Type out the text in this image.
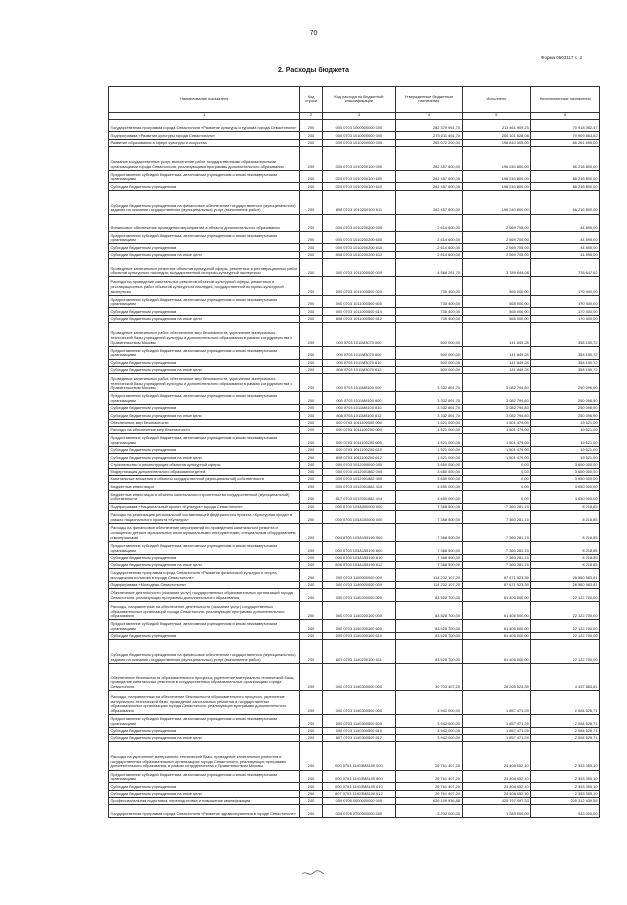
70
Форма 0503117 с. 2
2. Расходы бюджета
Наименование показателя	Код строки	Код расхода по бюджетной классификации	Утвержденные бюджетные назначения	Исполнено	Неисполненные назначения
1	2	3	4	5	6
Государственная программа города Севастополя «Развитие культуры и туризма города Севастополя»	200	000 0703 1000000000 000	282 379 991,70	211 461 909,23	70 918 082,47
Подпрограмма «Развитие культуры города Севастополя»	200	000 0703 1010000000 000	275 011 491,70	204 101 628,08	70 909 863,62
Развитие образования в сфере культуры и искусства	200	000 0703 1010200000 000	265 072 200,00	198 810 505,00	66 261 695,00
Оказание государственных услуг, выполнение работ государственными образовательными организациями города Севастополя, реализующими программы дополнительного образования	200	000 0703 1010200100 000	262 457 600,00	196 240 800,00	66 216 800,00
Предоставление субсидий бюджетным, автономным учреждениям и иным некоммерческим организациям	200	000 0703 1010200100 600	262 457 600,00	196 240 800,00	66 216 800,00
Субсидии бюджетным учреждениям	200	000 0703 1010200100 610	262 457 600,00	196 240 800,00	66 216 800,00
Субсидии бюджетным учреждениям на финансовое обеспечение государственного (муниципального) задания на оказание государственных (муниципальных) услуг (выполнение работ)	200	808 0703 1010200100 611	262 457 600,00	196 240 800,00	66 216 800,00
Финансовое обеспечение проведения мероприятий в области дополнительного образования	200	000 0703 1010200200 000	2 614 600,00	2 569 705,00	44 895,00
Предоставление субсидий бюджетным, автономным учреждениям и иным некоммерческим организациям	200	000 0703 1010200200 600	2 614 600,00	2 569 705,00	44 895,00
Субсидии бюджетным учреждениям	200	000 0703 1010200200 610	2 614 600,00	2 569 705,00	44 895,00
Субсидии бюджетным учреждениям на иные цели	200	808 0703 1010200200 612	2 614 600,00	2 569 705,00	44 895,00
Проведение капитальных ремонтов объектов культурной сферы, ремонтных и реставрационных работ объектов культурного наследия, государственной историко-культурной экспертизы	200	000 0703 1011000000 000	4 568 291,70	3 789 644,08	778 647,62
Расходы на проведение капитальных ремонтов объектов культурной сферы, ремонтных и реставрационных работ объектов культурного наследия, государственной историко-культурной экспертизы	200	000 0703 1011000500 000	735 400,00	565 000,00	170 400,00
Предоставление субсидий бюджетным, автономным учреждениям и иным некоммерческим организациям	200	000 0703 1011000500 600	735 400,00	565 000,00	170 400,00
Субсидии бюджетным учреждениям	200	000 0703 1011000500 610	735 400,00	565 000,00	170 400,00
Субсидии бюджетным учреждениям на иные цели	200	808 0703 1011000500 612	735 400,00	565 000,00	170 400,00
Проведение капитальных работ, обеспечение мер безопасности, укрепление материально-технической базы учреждений культуры и дополнительного образования в рамках сотрудничества с Правительством Москвы	200	000 0703 1011M3070 000	500 000,00	141 849,28	358 150,72
Предоставление субсидий бюджетным, автономным учреждениям и иным некоммерческим организациям	200	000 0703 1011M3070 600	500 000,00	141 849,28	358 150,72
Субсидии бюджетным учреждениям	200	000 0703 1011M3070 610	500 000,00	141 849,28	358 150,72
Субсидии бюджетным учреждениям на иные цели	200	808 0703 1011M3070 612	500 000,00	141 849,28	358 150,72
Проведение капитальных работ, обеспечение мер безопасности, укрепление материально-технической базы учреждений культуры и дополнительного образования в рамках сотрудничества с Правительством Москвы	200	000 0703 1011M8100 000	3 332 891,70	3 082 794,80	250 096,90
Предоставление субсидий бюджетным, автономным учреждениям и иным некоммерческим организациям	200	000 0703 1011M8100 600	3 332 891,70	3 082 794,80	250 096,90
Субсидии бюджетным учреждениям	200	000 0703 1011M8100 610	3 332 891,70	3 082 794,80	250 096,90
Субсидии бюджетным учреждениям на иные цели	200	808 0703 1011M8100 612	3 332 891,70	3 082 794,80	250 096,90
Обеспечение мер безопасности	200	000 0703 1011100000 000	1 521 000,00	1 501 479,00	19 521,00
Расходы на обеспечение мер безопасности	200	000 0703 1011100200 000	1 521 000,00	1 501 479,00	19 521,00
Предоставление субсидий бюджетным, автономным учреждениям и иным некоммерческим организациям	200	000 0703 1011100200 600	1 521 000,00	1 501 479,00	19 521,00
Субсидии бюджетным учреждениям	200	000 0703 1011100200 610	1 521 000,00	1 501 479,00	19 521,00
Субсидии бюджетным учреждениям на иные цели	200	808 0703 1011100200 612	1 521 000,00	1 501 479,00	19 521,00
Строительство и реконструкция объектов культурной сферы	200	000 0703 1012000000 000	3 650 000,00	0,00	3 650 000,00
Модернизация дополнительного образования детей	200	000 0703 1012001882 000	3 650 000,00	0,00	3 650 000,00
Капитальные вложения в объекты государственной (муниципальной) собственности	200	000 0703 1012001882 400	3 650 000,00	0,00	3 650 000,00
Бюджетные инвестиции	200	000 0703 1012001882 410	3 650 000,00	0,00	3 650 000,00
Бюджетные инвестиции в объекты капитального строительства государственной (муниципальной) собственности	200	817 0703 1012001882 414	3 650 000,00	0,00	3 650 000,00
Подпрограмма «Национальный проект «Культура» города Севастополя»	200	000 0703 103A000000 000	7 368 500,00	7 360 281,15	8 218,85
Расходы на реализацию региональной составляющей федерального проекта «Культурная среда» в рамках национального проекта «Культура»	200	000 0703 103A100000 000	7 368 500,00	7 360 281,15	8 218,85
Расходы на финансовое обеспечение мероприятий по проведению капитального ремонта и оснащению детских музыкальных школ музыкальными инструментами, специальным оборудованием и материалами	200	000 0703 103A155190 000	7 368 500,00	7 360 281,15	8 218,85
Предоставление субсидий бюджетным, автономным учреждениям и иным некоммерческим организациям	200	000 0703 103A155190 600	7 368 500,00	7 360 281,15	8 218,85
Субсидии бюджетным учреждениям	200	000 0703 103A155190 610	7 368 500,00	7 360 281,15	8 218,85
Субсидии бюджетным учреждениям на иные цели	200	808 0703 103A155190 612	7 368 500,00	7 360 281,15	8 218,85
Государственная программа города Севастополя «Развитие физической культуры и спорта, молодежная политика в городе Севастополе»	200	000 0703 1100000000 000	114 232 107,20	87 671 523,39	26 560 583,81
Подпрограмма «Молодежь Севастополя»	200	000 0703 1140000000 000	114 232 107,20	87 671 523,39	26 560 583,81
Обеспечение деятельности (оказание услуг) государственных образовательных организаций города Севастополя, реализующих программы дополнительного образования	200	000 0703 1140200000 000	83 528 700,00	61 406 000,00	22 122 700,00
Расходы, направленные на обеспечение деятельности (оказание услуг) государственных образовательных организаций города Севастополя, реализующих программы дополнительного образования	200	000 0703 1140200100 000	83 528 700,00	61 406 000,00	22 122 700,00
Предоставление субсидий бюджетным, автономным учреждениям и иным некоммерческим организациям	200	000 0703 1140200100 600	83 528 700,00	61 406 000,00	22 122 700,00
Субсидии бюджетным учреждениям	200	000 0703 1140200100 610	83 528 700,00	61 406 000,00	22 122 700,00
Субсидии бюджетным учреждениям на финансовое обеспечение государственного (муниципального) задания на оказание государственных (муниципальных) услуг (выполнение работ)	200	807 0703 1140200100 611	83 528 700,00	61 406 000,00	22 122 700,00
Обеспечение безопасности образовательного процесса, укрепление материально-технической базы, проведение капитальных ремонтов в государственных образовательных организациях города Севастополя	200	000 0703 1140300000 000	30 703 407,20	26 265 523,39	4 437 883,81
Расходы, направленные на обеспечение безопасности образовательного процесса, укрепление материально-технической базы, проведение капитальных ремонтов в государственных образовательных организациях города Севастополя, реализующих программы дополнительного образования	200	000 0703 1140300500 000	3 942 000,00	1 857 471,29	2 084 528,71
Предоставление субсидий бюджетным, автономным учреждениям и иным некоммерческим организациям	200	000 0703 1140300500 600	3 942 000,00	1 857 471,29	2 084 528,71
Субсидии бюджетным учреждениям	200	000 0703 1140300500 610	3 942 000,00	1 857 471,29	2 084 528,71
Субсидии бюджетным учреждениям на иные цели	200	807 0703 1140300500 612	3 942 000,00	1 857 471,29	2 084 528,71
Расходы на укрепление материально-технической базы, проведение капитальных ремонтов в государственных образовательных организациях города Севастополя, реализующих программы дополнительного образования, в рамках сотрудничества с Правительством Москвы	200	000 0703 1140ЗМ8100 000	26 761 407,20	24 408 052,10	2 353 355,10
Предоставление субсидий бюджетным, автономным учреждениям и иным некоммерческим организациям	200	000 0703 1140ЗМ8100 600	26 761 407,20	24 408 052,10	2 353 355,10
Субсидии бюджетным учреждениям	200	000 0703 1140ЗМ8100 610	26 761 407,20	24 408 052,10	2 353 355,10
Субсидии бюджетным учреждениям на иные цели	200	807 0703 1140ЗМ8100 612	26 761 407,20	24 408 052,10	2 353 355,10
Профессиональная подготовка, переподготовка и повышение квалификации	200	000 0705 0000000000 000	626 109 936,88	420 797 497,33	205 312 439,55
Государственная программа города Севастополя «Развитие здравоохранения в городе Севастополе»	200	000 0705 0700000000 000	2 232 000,00	1 289 000,00	943 000,00
